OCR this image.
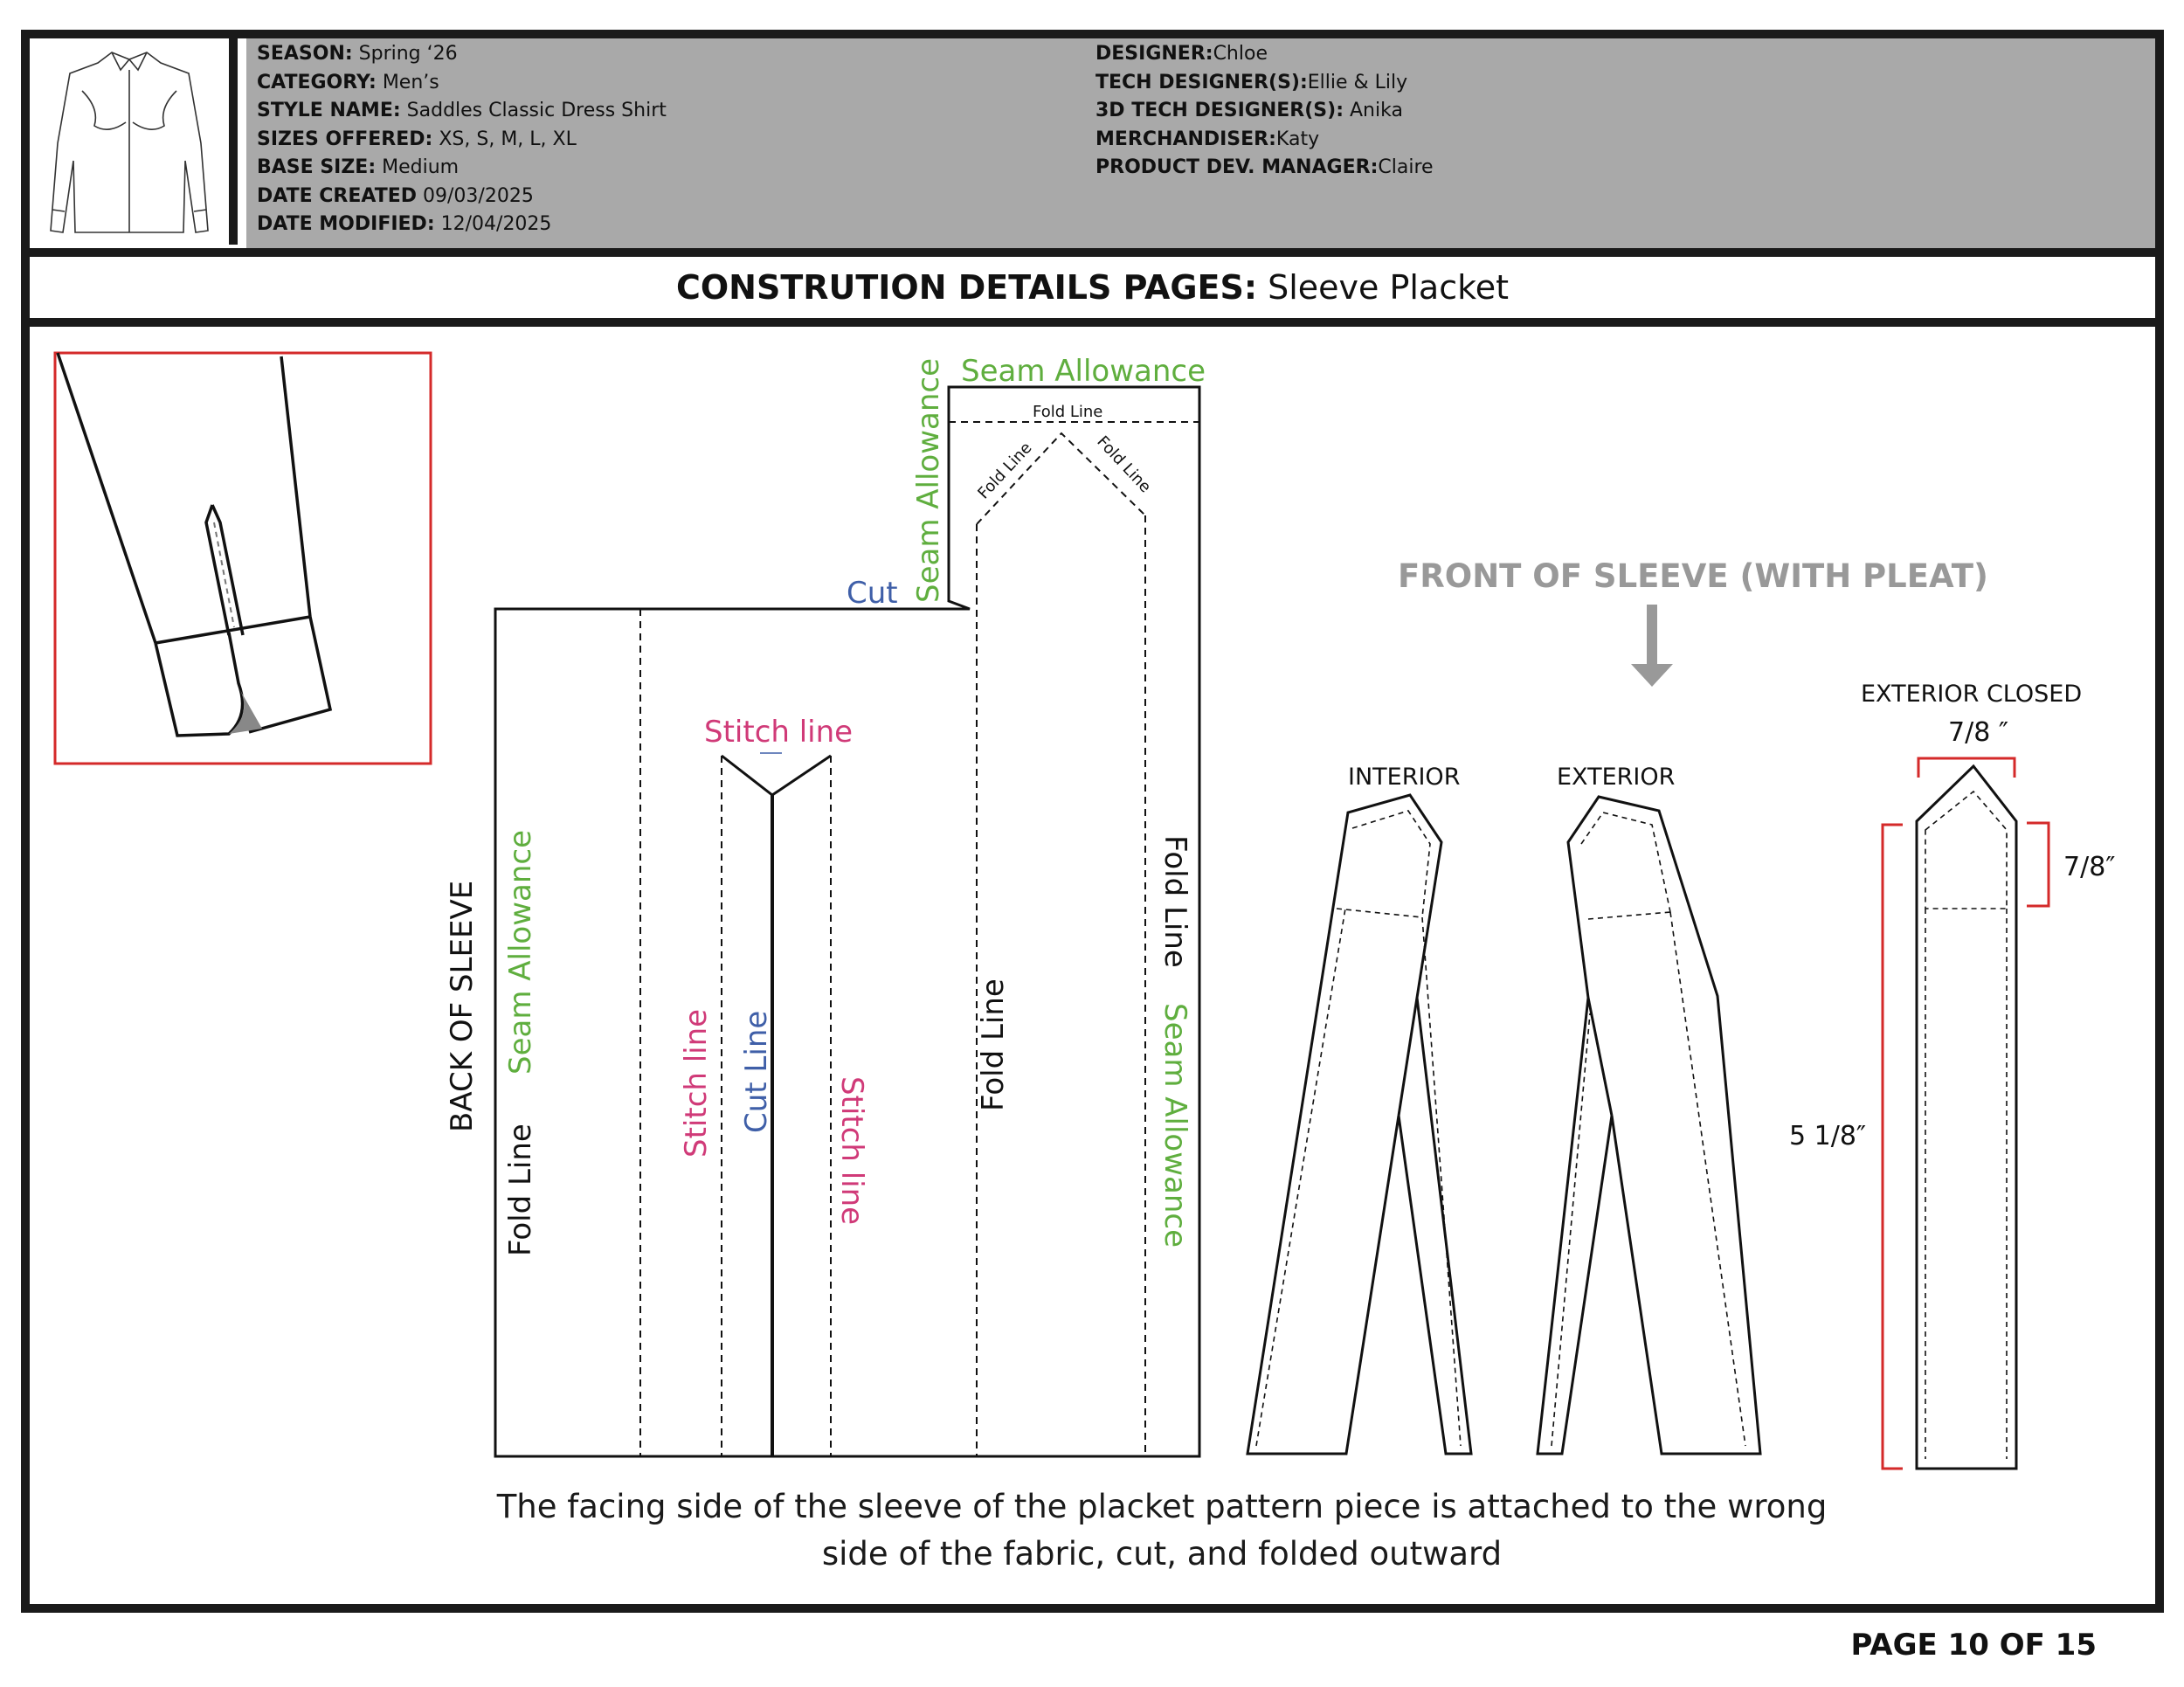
SEASON: Spring ‘26
CATEGORY: Men’s
STYLE NAME: Saddles Classic Dress Shirt
SIZES OFFERED: XS, S, M, L, XL
BASE SIZE: Medium
DATE CREATED 09/03/2025
DATE MODIFIED: 12/04/2025
DESIGNER:Chloe
TECH DESIGNER(S):Ellie & Lily
3D TECH DESIGNER(S): Anika
MERCHANDISER:Katy
PRODUCT DEV. MANAGER:Claire
CONSTRUTION DETAILS PAGES: Sleeve Placket
Seam Allowance
Seam Allowance	Fold Line
Fold Line	Fold Line
Cut
Stitch line
BACK OF SLEEVE Seam Allowance
Fold Line
Stitch line Cut Line
Stitch line
Fold Line
Fold Line
Seam Allowance
FRONT OF SLEEVE (WITH PLEAT)
INTERIOR	EXTERIOR
EXTERIOR CLOSED
7/8 ″
7/8″
5 1/8″
The facing side of the sleeve of the placket pattern piece is attached to the wrong side of the fabric, cut, and folded outward
PAGE 10 OF 15
